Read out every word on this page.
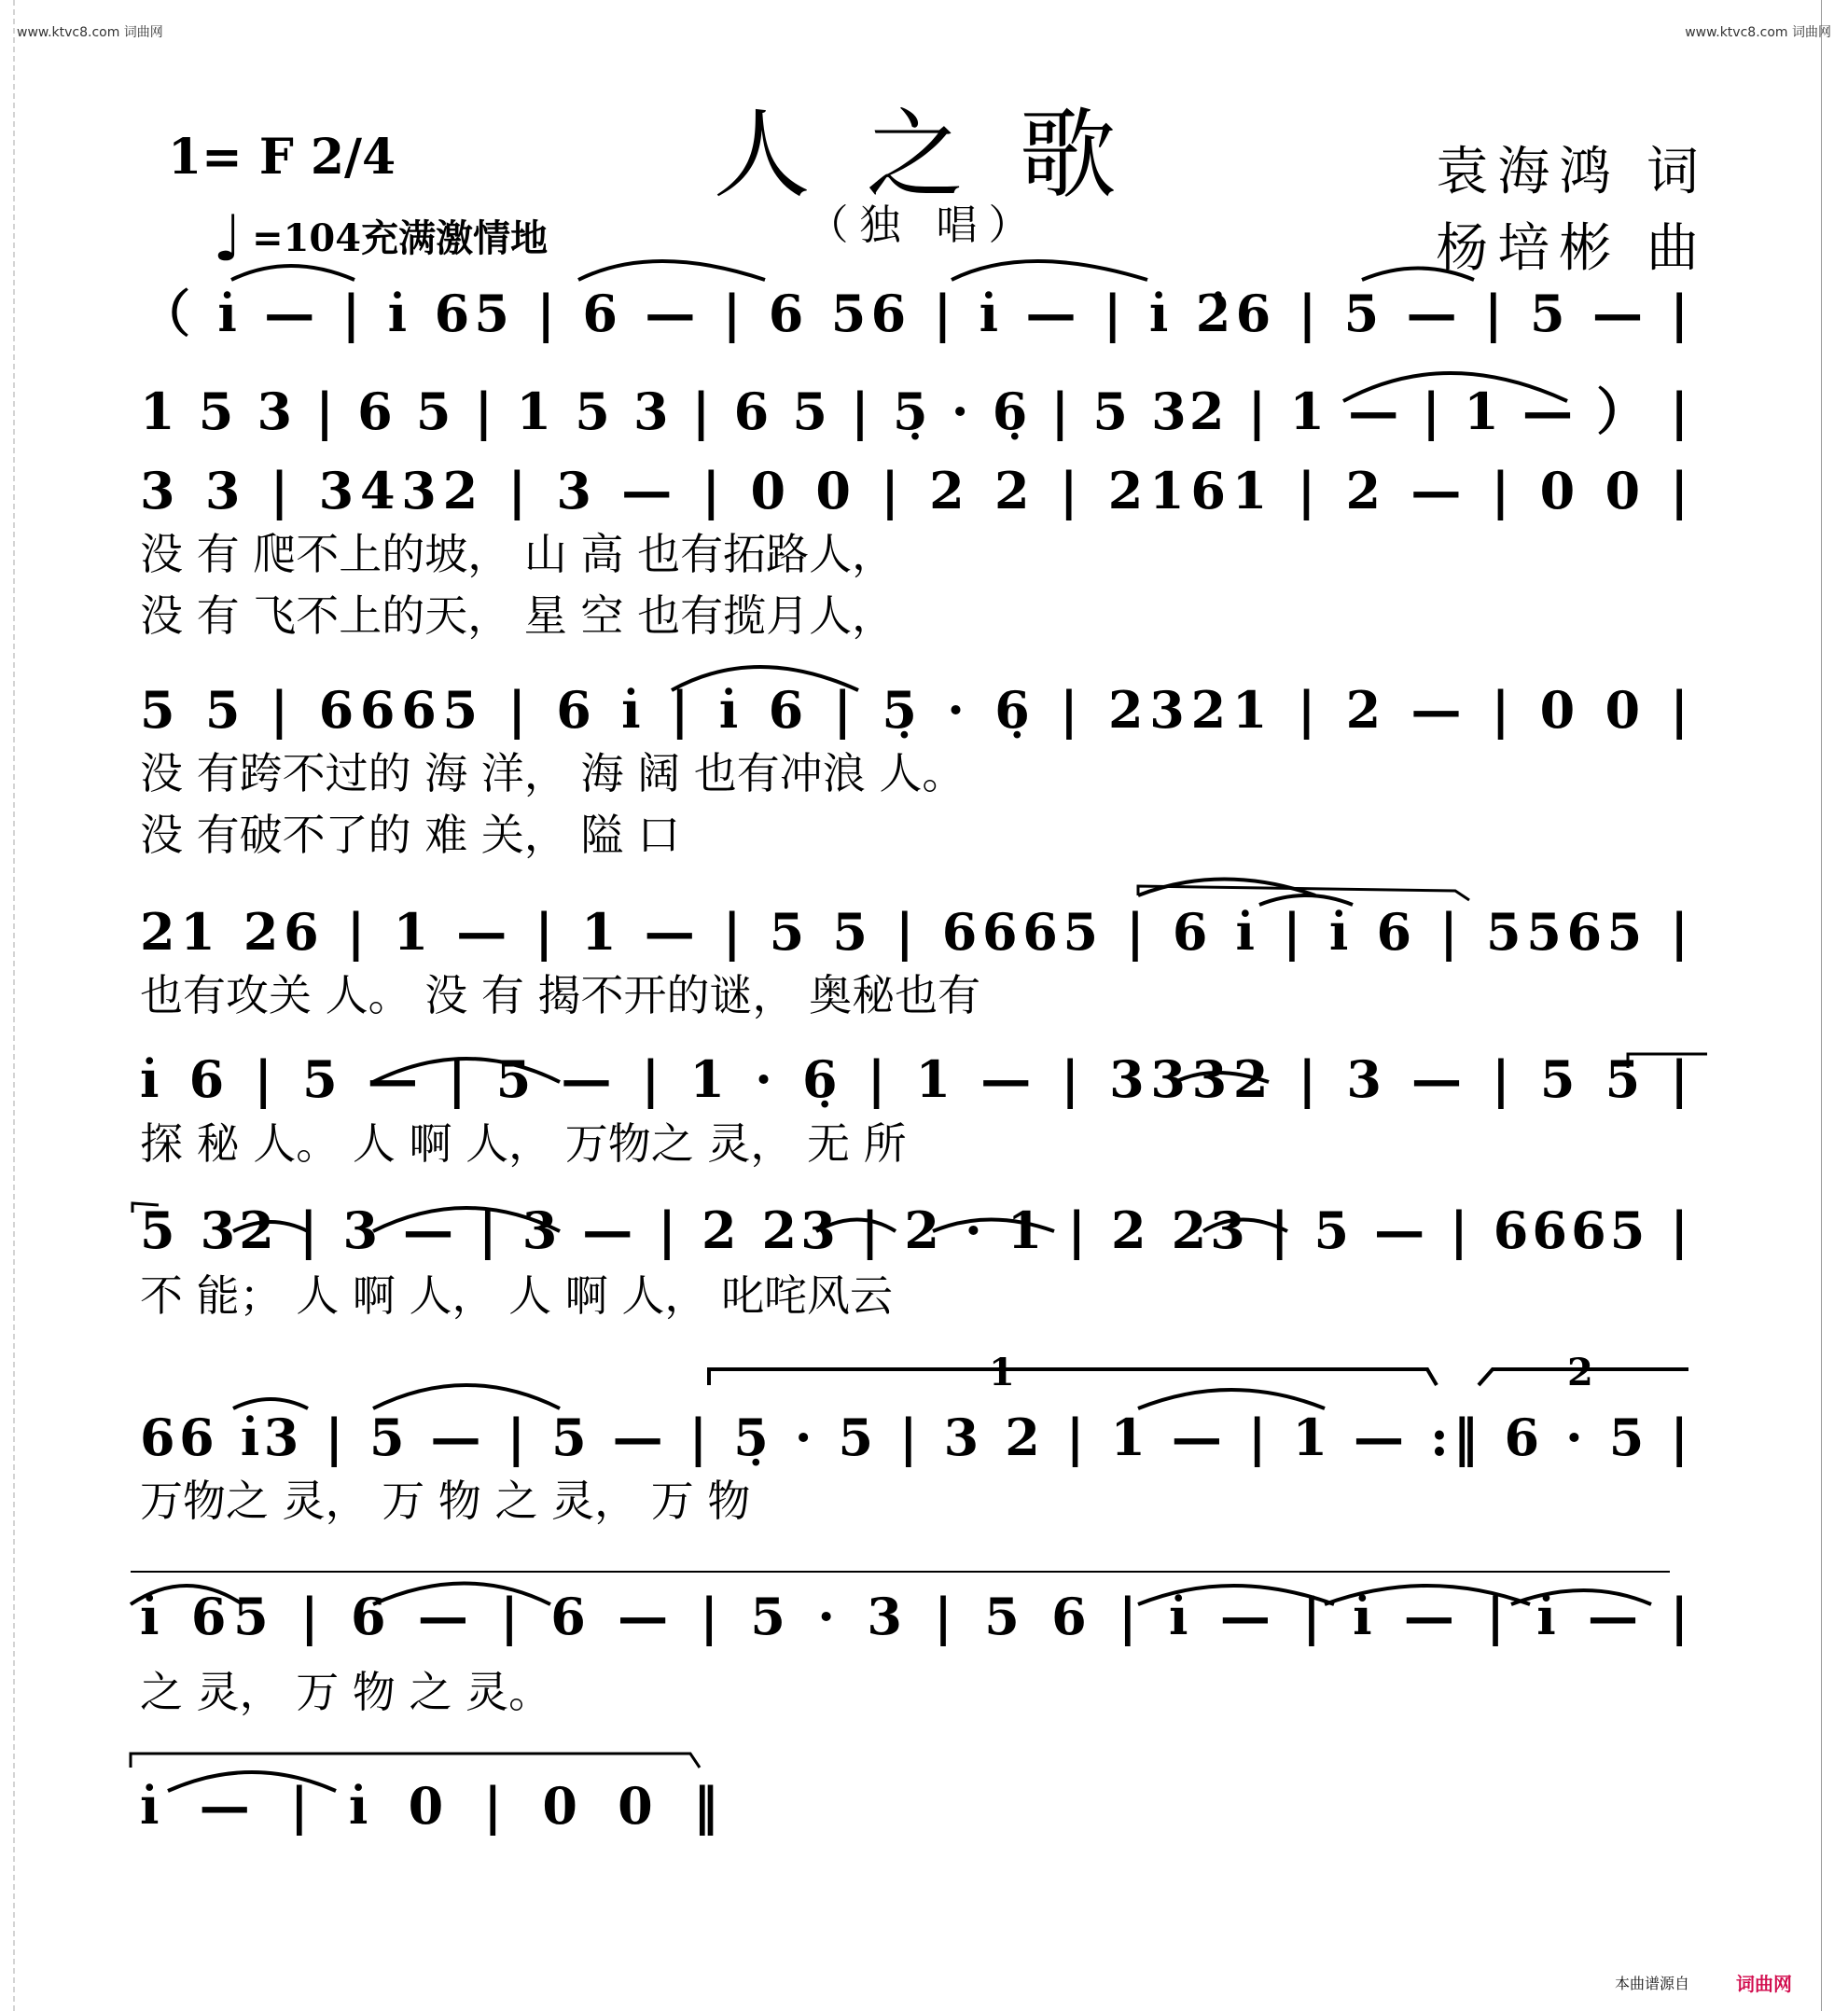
www.ktvc8.com 词曲网	www.ktvc8.com 词曲网
人之歌
（独 唱）
1= F 2/4
♩ =104充满激情地
袁海鸿 词
杨培彬 曲
（ i̇ — | i̇ 65 | 6 — | 6 56 | i̇ — | i̇ 2̇6 | 5 — | 5 — |
1 5 3 | 6 5 | 1 5 3 | 6 5 | 5̣ · 6̣ | 5 32 | 1 — | 1 — ） |
3 3 | 3432 | 3 — | 0 0 | 2 2 | 2161 | 2 — | 0 0 |
没 有 爬不上的坡， 山 高 也有拓路人，
没 有 飞不上的天， 星 空 也有揽月人，
5 5 | 6665 | 6 i̇ | i̇ 6 | 5̣ · 6̣ | 2321 | 2 — | 0 0 |
没 有跨不过的 海 洋， 海 阔 也有冲浪 人。
没 有破不了的 难 关， 隘 口
21 26 | 1 — | 1 — | 5 5 | 6665 | 6 i̇ | i̇ 6 | 5565 |
也有攻关 人。 没 有 揭不开的谜， 奥秘也有
i̇ 6 | 5 — | 5 — | 1 · 6̣ | 1 — | 3332 | 3 — | 5 5 |
探 秘 人。 人 啊 人， 万物之 灵， 无 所
5 32 | 3 — | 3 — | 2 23 | 2 · 1 | 2 23 | 5 — | 6665 |
不 能； 人 啊 人， 人 啊 人， 叱咤风云
66 i̇3 | 5 — | 5 — | 5̣ · 5 | 3 2 | 1 — | 1 — :‖ 6 · 5 |
万物之 灵， 万 物 之 灵， 万 物
1	2
i̇ 65 | 6 — | 6 — | 5 · 3 | 5 6 | i̇ — | i̇ — | i̇ — |
之 灵， 万 物 之 灵。
i̇ — | i̇ 0 | 0 0 ‖
本曲谱源自	词曲网
